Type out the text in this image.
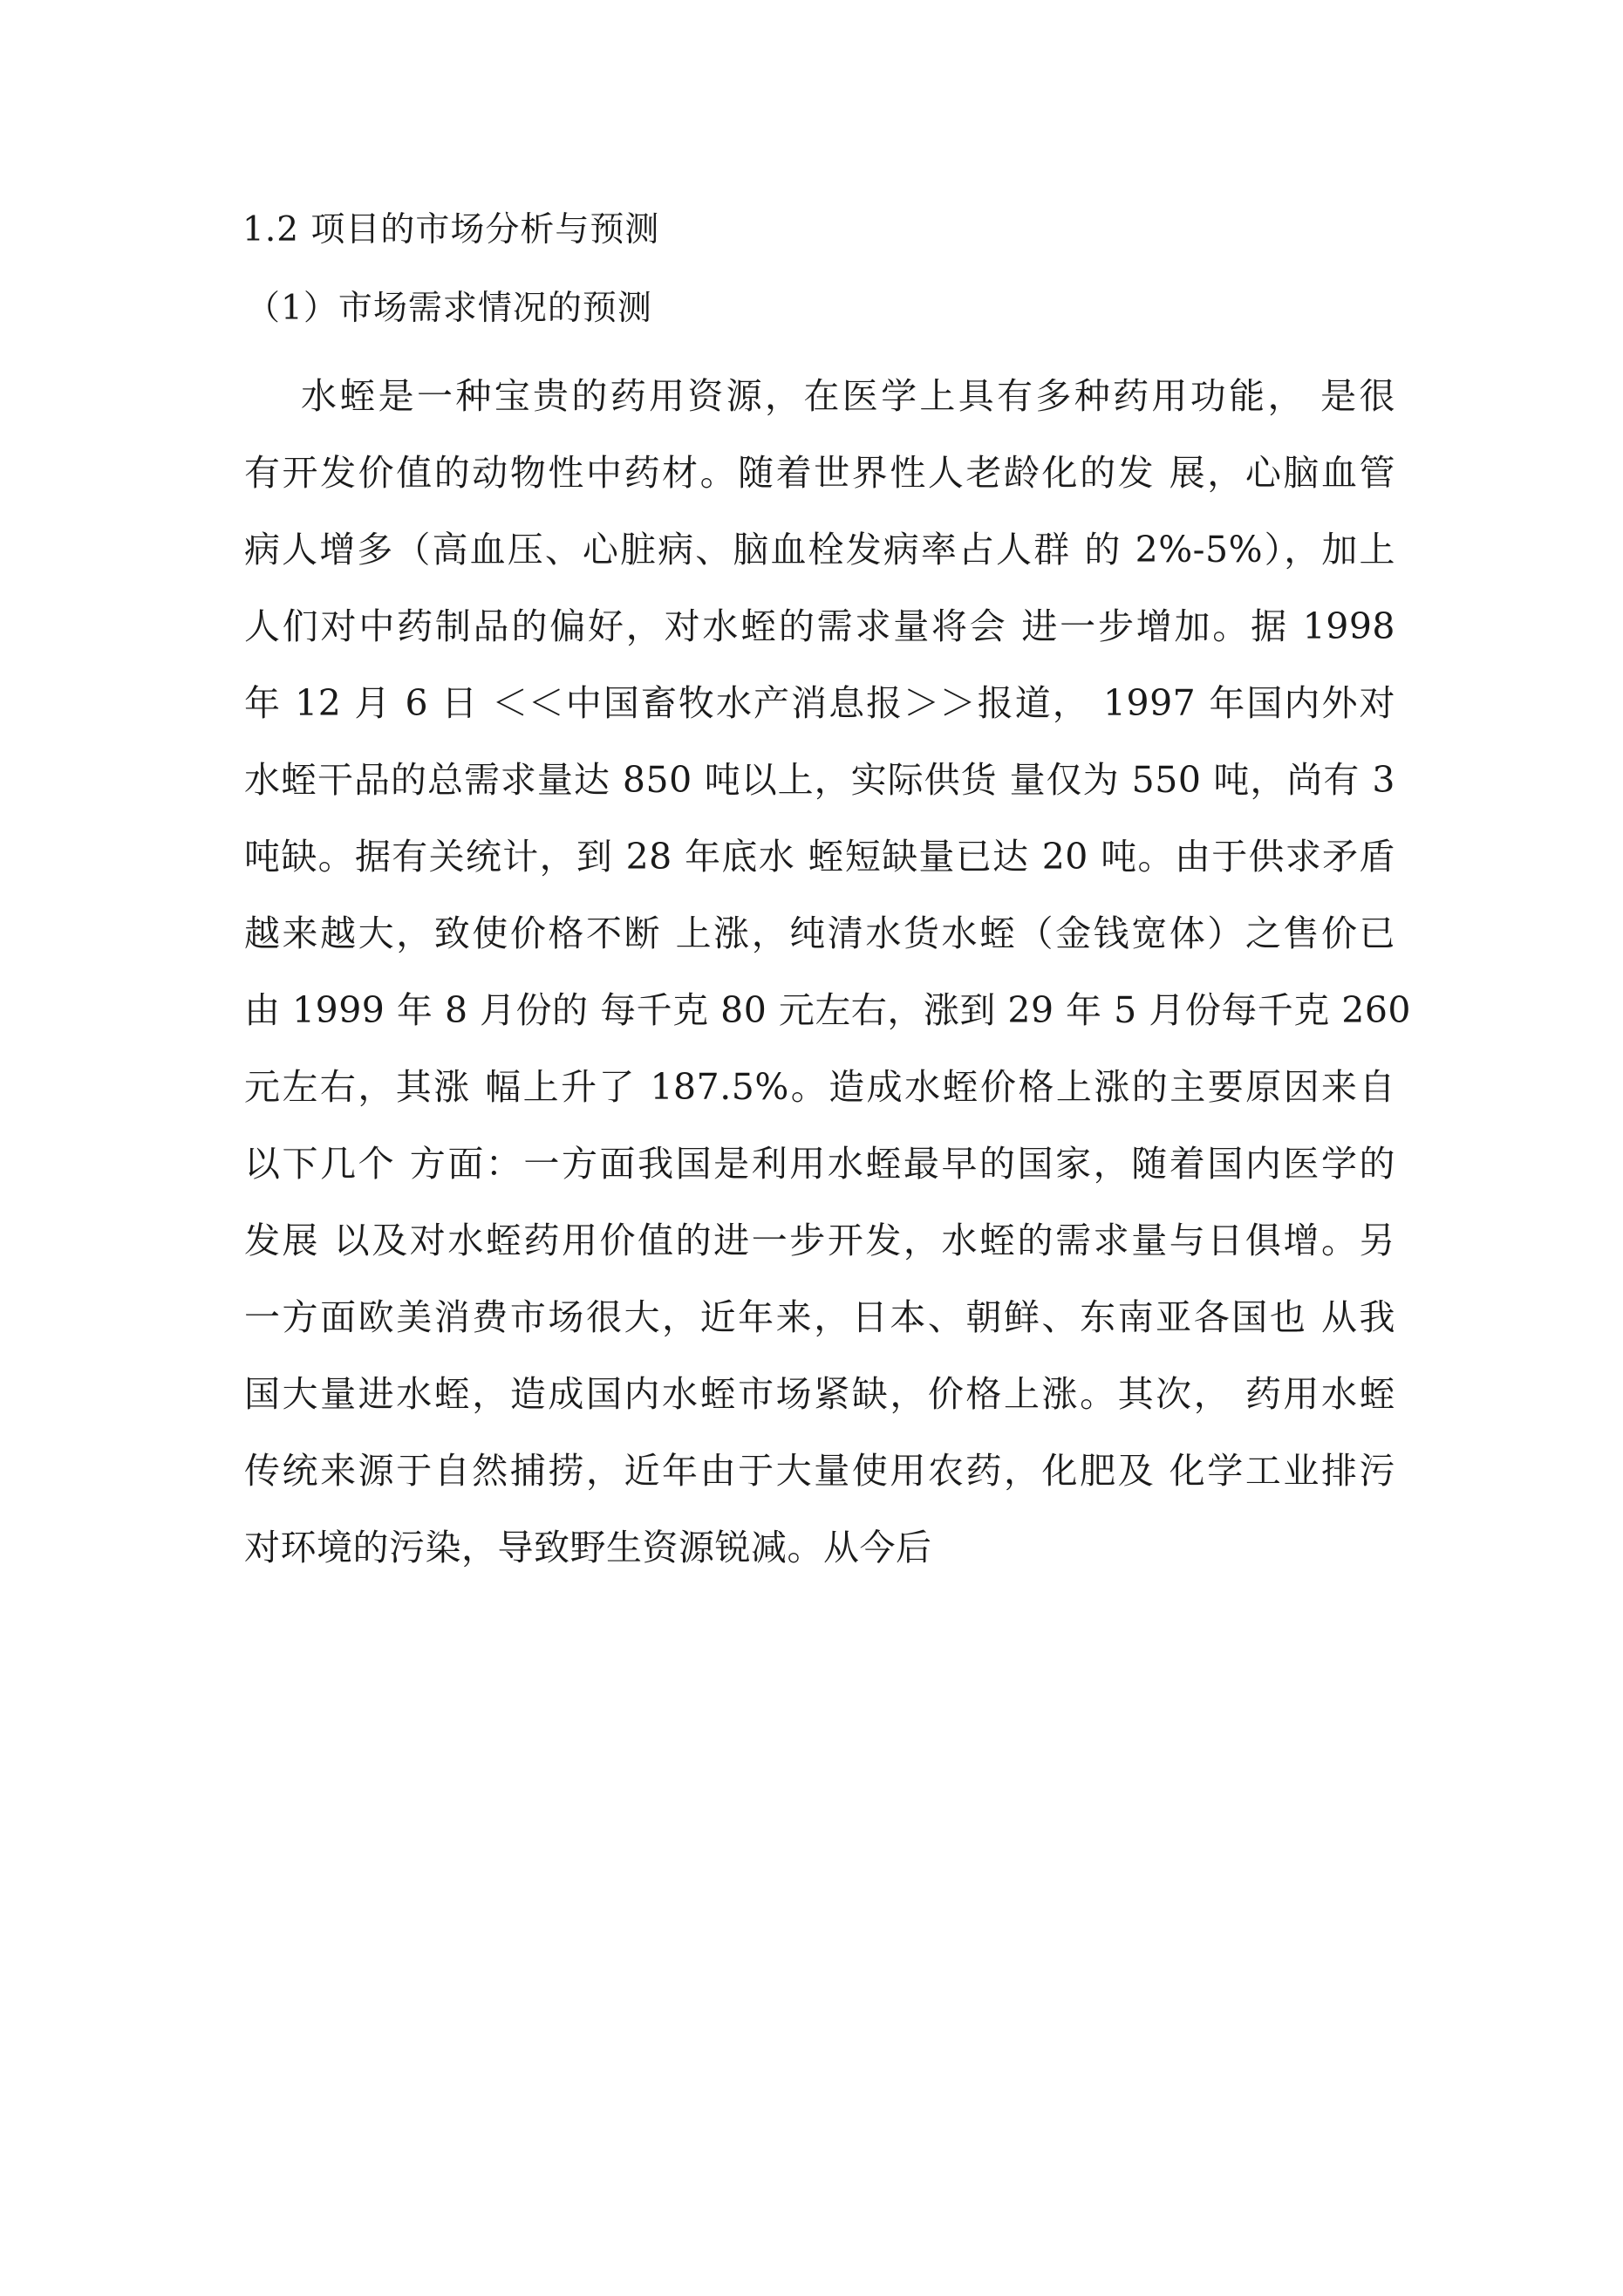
1.2 项目的市场分析与预测
（1）市场需求情况的预测
水蛭是一种宝贵的药用资源，在医学上具有多种药用功能， 是很
有开发价值的动物性中药材。随着世界性人老龄化的发 展，心脑血管
病人增多（高血压、心脏病、脑血栓发病率占人群 的 2%-5%），加上
人们对中药制品的偏好，对水蛭的需求量将会 进一步增加。据 1998
年 12 月 6 日 ＜＜中国畜牧水产消息报＞＞报道， 1997 年国内外对
水蛭干品的总需求量达 850 吨以上，实际供货 量仅为 550 吨，尚有 3
吨缺。据有关统计，到 28 年底水 蛭短缺量已达 20 吨。由于供求矛盾
越来越大，致使价格不断 上涨，纯清水货水蛭（金钱宽体）之售价已
由 1999 年 8 月份的 每千克 80 元左右，涨到 29 年 5 月份每千克 260
元左右，其涨 幅上升了 187.5%。造成水蛭价格上涨的主要原因来自
以下几个 方面：一方面我国是利用水蛭最早的国家，随着国内医学的
发展 以及对水蛭药用价值的进一步开发，水蛭的需求量与日俱增。另
一方面欧美消费市场很大，近年来，日本、朝鲜、东南亚各国也 从我
国大量进水蛭，造成国内水蛭市场紧缺，价格上涨。其次， 药用水蛭
传统来源于自然捕捞，近年由于大量使用农药，化肥及 化学工业排污
对环境的污染，导致野生资源锐减。从今后
